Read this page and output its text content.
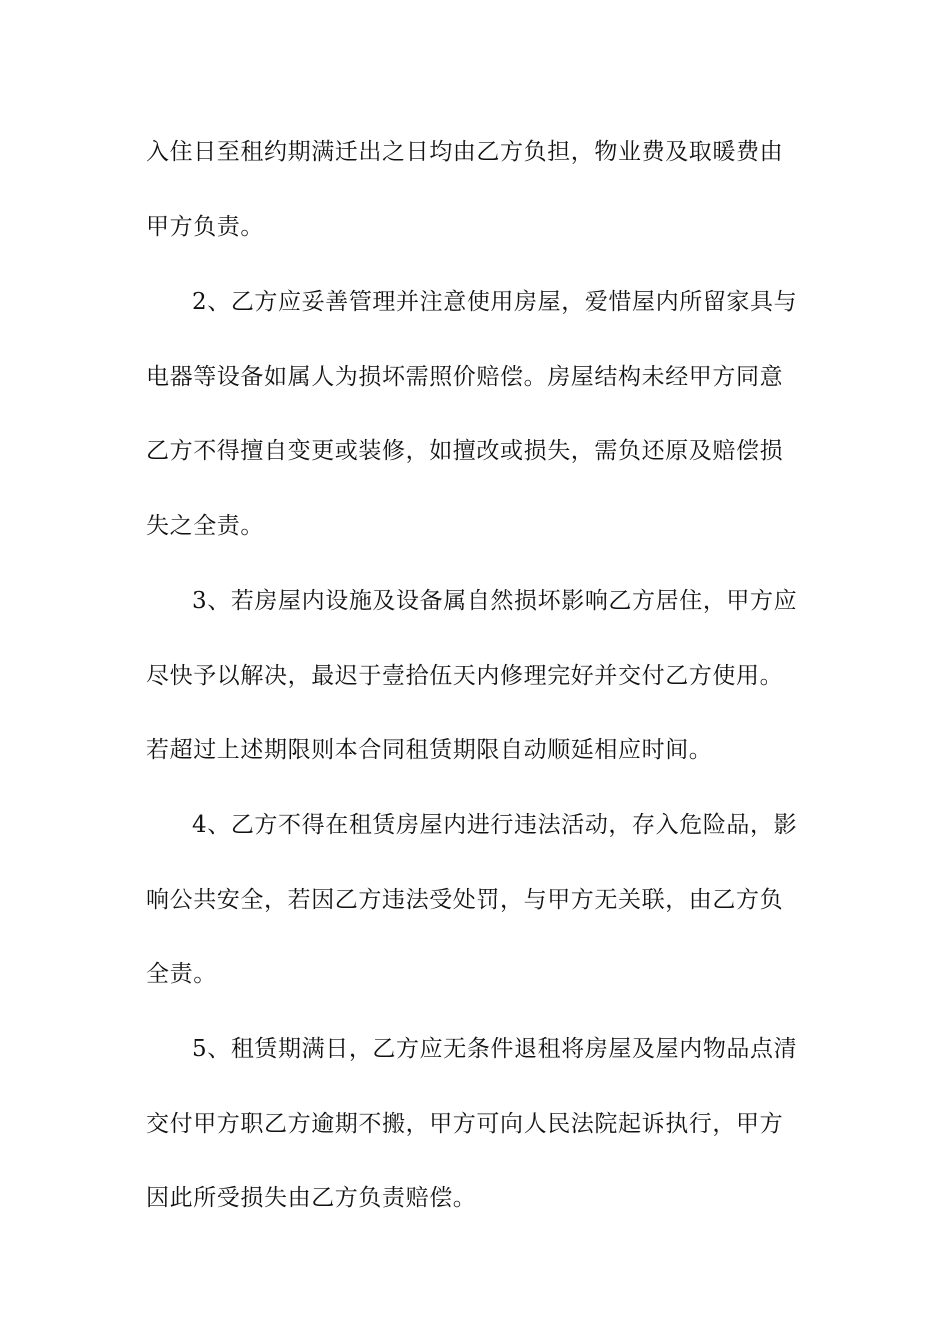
入住日至租约期满迁出之日均由乙方负担，物业费及取暖费由
甲方负责。
2、乙方应妥善管理并注意使用房屋，爱惜屋内所留家具与
电器等设备如属人为损坏需照价赔偿。房屋结构未经甲方同意
乙方不得擅自变更或装修，如擅改或损失，需负还原及赔偿损
失之全责。
3、若房屋内设施及设备属自然损坏影响乙方居住，甲方应
尽快予以解决，最迟于壹拾伍天内修理完好并交付乙方使用。
若超过上述期限则本合同租赁期限自动顺延相应时间。
4、乙方不得在租赁房屋内进行违法活动，存入危险品，影
响公共安全，若因乙方违法受处罚，与甲方无关联，由乙方负
全责。
5、租赁期满日，乙方应无条件退租将房屋及屋内物品点清
交付甲方职乙方逾期不搬，甲方可向人民法院起诉执行，甲方
因此所受损失由乙方负责赔偿。
